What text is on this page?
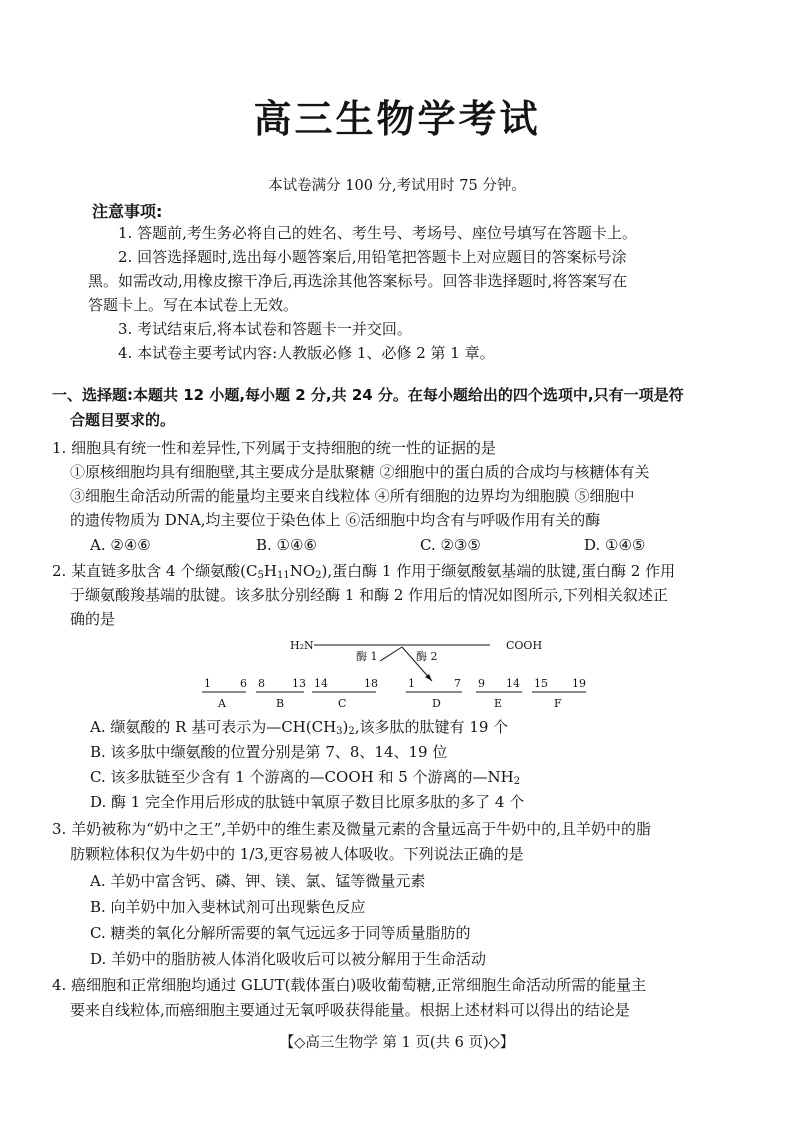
高三生物学考试
本试卷满分 100 分,考试用时 75 分钟。
注意事项:
1. 答题前,考生务必将自己的姓名、考生号、考场号、座位号填写在答题卡上。
2. 回答选择题时,选出每小题答案后,用铅笔把答题卡上对应题目的答案标号涂
黑。如需改动,用橡皮擦干净后,再选涂其他答案标号。回答非选择题时,将答案写在
答题卡上。写在本试卷上无效。
3. 考试结束后,将本试卷和答题卡一并交回。
4. 本试卷主要考试内容:人教版必修 1、必修 2 第 1 章。
一、选择题:本题共 12 小题,每小题 2 分,共 24 分。在每小题给出的四个选项中,只有一项是符
合题目要求的。
1. 细胞具有统一性和差异性,下列属于支持细胞的统一性的证据的是
①原核细胞均具有细胞壁,其主要成分是肽聚糖 ②细胞中的蛋白质的合成均与核糖体有关
③细胞生命活动所需的能量均主要来自线粒体 ④所有细胞的边界均为细胞膜 ⑤细胞中
的遗传物质为 DNA,均主要位于染色体上 ⑥活细胞中均含有与呼吸作用有关的酶
A. ②④⑥	B. ①④⑥	C. ②③⑤	D. ①④⑤
2. 某直链多肽含 4 个缬氨酸$(C_5H_{11}NO_2)$,蛋白酶 1 作用于缬氨酸氨基端的肽键,蛋白酶 2 作用
于缬氨酸羧基端的肽键。该多肽分别经酶 1 和酶 2 作用后的情况如图所示,下列相关叙述正
确的是
H₂N	COOH
酶 1	酶 2
1	6
A
8 13
B
14	18
C
1	7
D
9 14
E
15 19
F
A. 缬氨酸的 R 基可表示为$—CH(CH_3)_2$,该多肽的肽键有 19 个
B. 该多肽中缬氨酸的位置分别是第 7、8、14、19 位
C. 该多肽链至少含有 1 个游离的—COOH 和 5 个游离的$—NH_2$
D. 酶 1 完全作用后形成的肽链中氧原子数目比原多肽的多了 4 个
3. 羊奶被称为“奶中之王”,羊奶中的维生素及微量元素的含量远高于牛奶中的,且羊奶中的脂
肪颗粒体积仅为牛奶中的 1/3,更容易被人体吸收。下列说法正确的是
A. 羊奶中富含钙、磷、钾、镁、氯、锰等微量元素
B. 向羊奶中加入斐林试剂可出现紫色反应
C. 糖类的氧化分解所需要的氧气远远多于同等质量脂肪的
D. 羊奶中的脂肪被人体消化吸收后可以被分解用于生命活动
4. 癌细胞和正常细胞均通过 GLUT(载体蛋白)吸收葡萄糖,正常细胞生命活动所需的能量主
要来自线粒体,而癌细胞主要通过无氧呼吸获得能量。根据上述材料可以得出的结论是
【◇高三生物学 第 1 页(共 6 页)◇】
